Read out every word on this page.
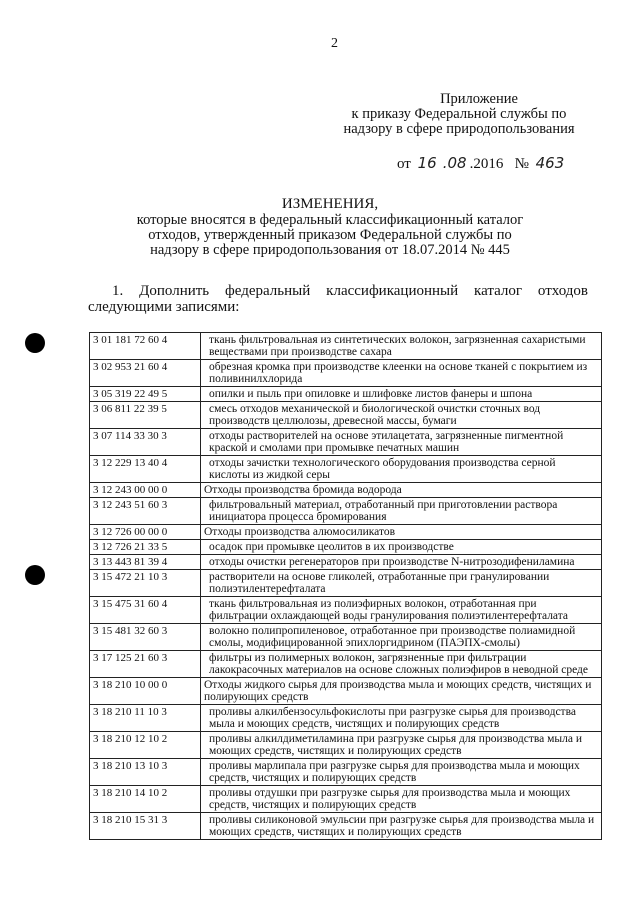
2
Приложение
к приказу Федеральной службы по
надзору в сфере природопользования
от 16 .08 .2016 № 463
ИЗМЕНЕНИЯ,
которые вносятся в федеральный классификационный каталог
отходов, утвержденный приказом Федеральной службы по
надзору в сфере природопользования от 18.07.2014 № 445
1. Дополнить федеральный классификационный каталог отходов
следующими записями:
3 01 181 72 60 4	ткань фильтровальная из синтетических волокон, загрязненная сахаристыми веществами при производстве сахара
3 02 953 21 60 4	обрезная кромка при производстве клеенки на основе тканей с покрытием из поливинилхлорида
3 05 319 22 49 5	опилки и пыль при опиловке и шлифовке листов фанеры и шпона
3 06 811 22 39 5	смесь отходов механической и биологической очистки сточных вод производств целлюлозы, древесной массы, бумаги
3 07 114 33 30 3	отходы растворителей на основе этилацетата, загрязненные пигментной краской и смолами при промывке печатных машин
3 12 229 13 40 4	отходы зачистки технологического оборудования производства серной кислоты из жидкой серы
3 12 243 00 00 0	Отходы производства бромида водорода
3 12 243 51 60 3	фильтровальный материал, отработанный при приготовлении раствора инициатора процесса бромирования
3 12 726 00 00 0	Отходы производства алюмосиликатов
3 12 726 21 33 5	осадок при промывке цеолитов в их производстве
3 13 443 81 39 4	отходы очистки регенераторов при производстве N-нитрозодифениламина
3 15 472 21 10 3	растворители на основе гликолей, отработанные при гранулировании полиэтилентерефталата
3 15 475 31 60 4	ткань фильтровальная из полиэфирных волокон, отработанная при фильтрации охлаждающей воды гранулирования полиэтилентерефталата
3 15 481 32 60 3	волокно полипропиленовое, отработанное при производстве полиамидной смолы, модифицированной эпихлоргидрином (ПАЭПХ-смолы)
3 17 125 21 60 3	фильтры из полимерных волокон, загрязненные при фильтрации лакокрасочных материалов на основе сложных полиэфиров в неводной среде
3 18 210 10 00 0	Отходы жидкого сырья для производства мыла и моющих средств, чистящих и полирующих средств
3 18 210 11 10 3	проливы алкилбензосульфокислоты при разгрузке сырья для производства мыла и моющих средств, чистящих и полирующих средств
3 18 210 12 10 2	проливы алкилдиметиламина при разгрузке сырья для производства мыла и моющих средств, чистящих и полирующих средств
3 18 210 13 10 3	проливы марлипала при разгрузке сырья для производства мыла и моющих средств, чистящих и полирующих средств
3 18 210 14 10 2	проливы отдушки при разгрузке сырья для производства мыла и моющих средств, чистящих и полирующих средств
3 18 210 15 31 3	проливы силиконовой эмульсии при разгрузке сырья для производства мыла и моющих средств, чистящих и полирующих средств
